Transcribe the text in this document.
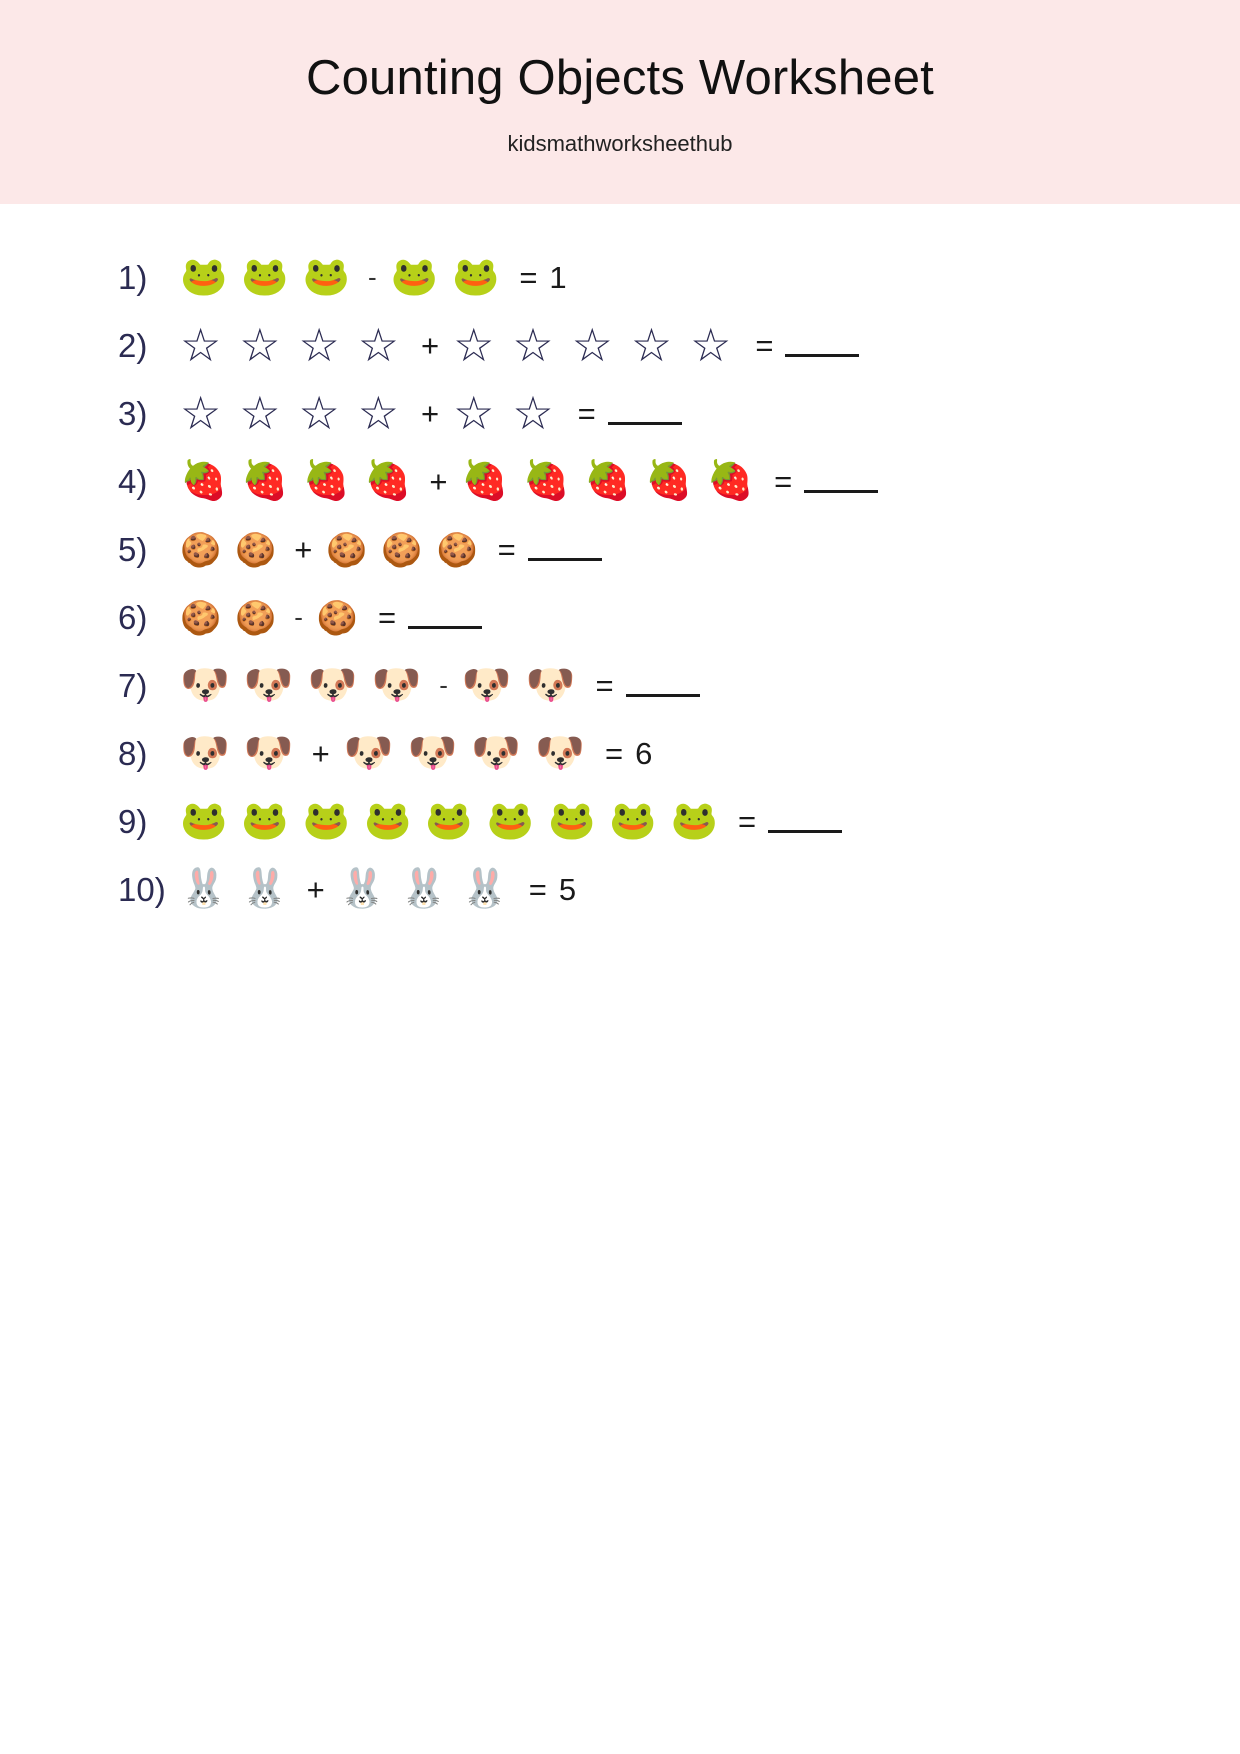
Counting Objects Worksheet

kidsmathworksheethub

1) 🐸 🐸 🐸 - 🐸 🐸 = 1
2) ☆ ☆ ☆ ☆ + ☆ ☆ ☆ ☆ ☆ =
3) ☆ ☆ ☆ ☆ + ☆ ☆ =
4) 🍓 🍓 🍓 🍓 + 🍓 🍓 🍓 🍓 🍓 =
5) 🍪 🍪 + 🍪 🍪 🍪 =
6) 🍪 🍪 - 🍪 =
7) 🐶 🐶 🐶 🐶 - 🐶 🐶 =
8) 🐶 🐶 + 🐶 🐶 🐶 🐶 = 6
9) 🐸 🐸 🐸 🐸 🐸 🐸 🐸 🐸 🐸 =
10) 🐰 🐰 + 🐰 🐰 🐰 = 5
